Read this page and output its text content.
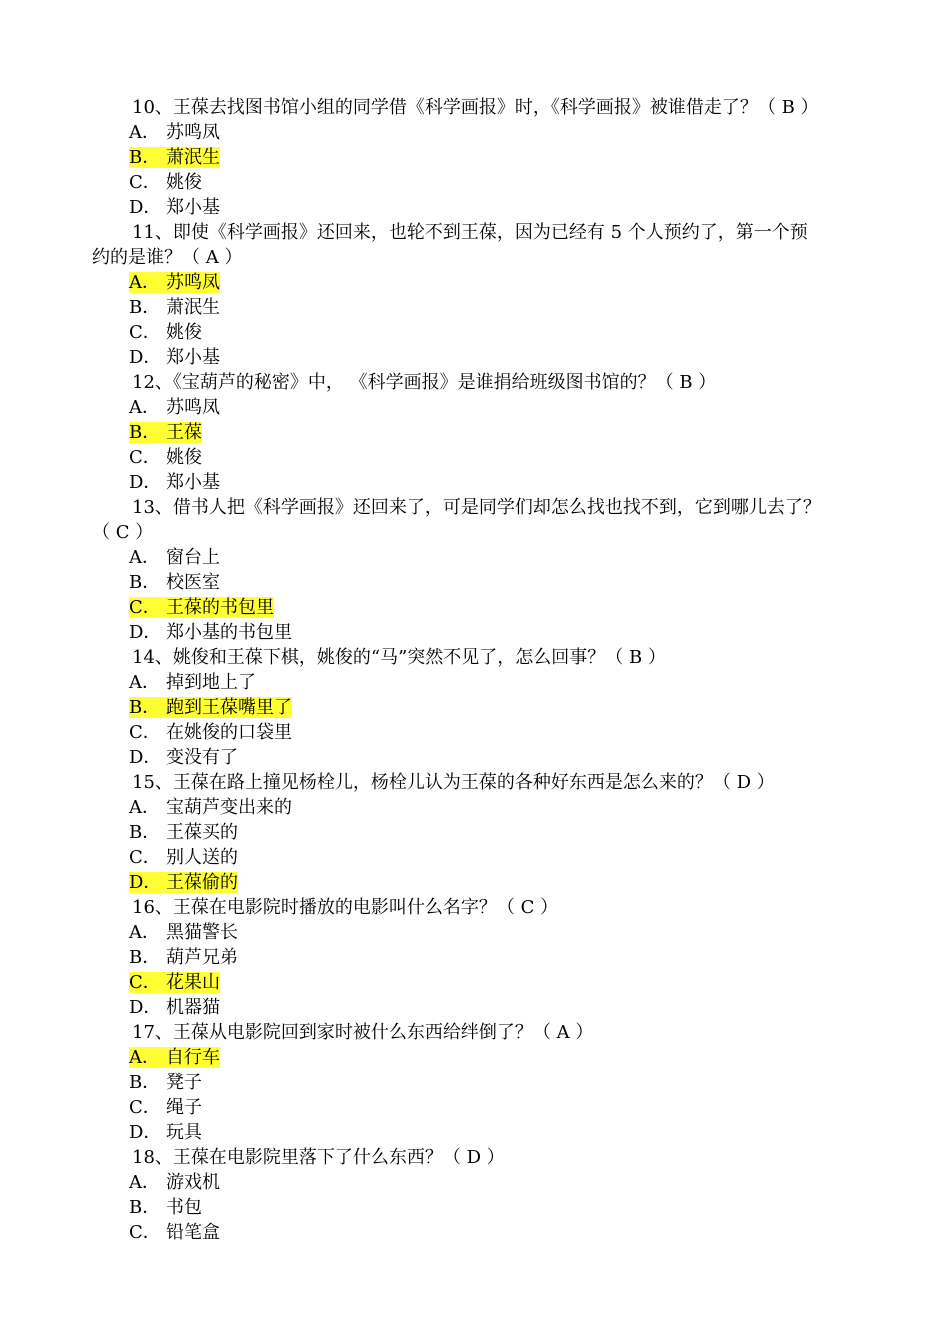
10、王葆去找图书馆小组的同学借《科学画报》时，《科学画报》被谁借走了？（ B ）
A． 苏鸣凤
B． 萧泯生
C． 姚俊
D． 郑小基
11、即使《科学画报》还回来，也轮不到王葆，因为已经有 5 个人预约了，第一个预
约的是谁？（ A ）
A． 苏鸣凤
B． 萧泯生
C． 姚俊
D． 郑小基
12、《宝葫芦的秘密》中， 《科学画报》是谁捐给班级图书馆的？（ B ）
A． 苏鸣凤
B． 王葆
C． 姚俊
D． 郑小基
13、借书人把《科学画报》还回来了，可是同学们却怎么找也找不到，它到哪儿去了？
（ C ）
A． 窗台上
B． 校医室
C． 王葆的书包里
D． 郑小基的书包里
14、姚俊和王葆下棋，姚俊的“马”突然不见了，怎么回事？（ B ）
A． 掉到地上了
B． 跑到王葆嘴里了
C． 在姚俊的口袋里
D． 变没有了
15、王葆在路上撞见杨栓儿，杨栓儿认为王葆的各种好东西是怎么来的？（ D ）
A． 宝葫芦变出来的
B． 王葆买的
C． 别人送的
D． 王葆偷的
16、王葆在电影院时播放的电影叫什么名字？（ C ）
A． 黑猫警长
B． 葫芦兄弟
C． 花果山
D． 机器猫
17、王葆从电影院回到家时被什么东西给绊倒了？（ A ）
A． 自行车
B． 凳子
C． 绳子
D． 玩具
18、王葆在电影院里落下了什么东西？（ D ）
A． 游戏机
B． 书包
C． 铅笔盒
